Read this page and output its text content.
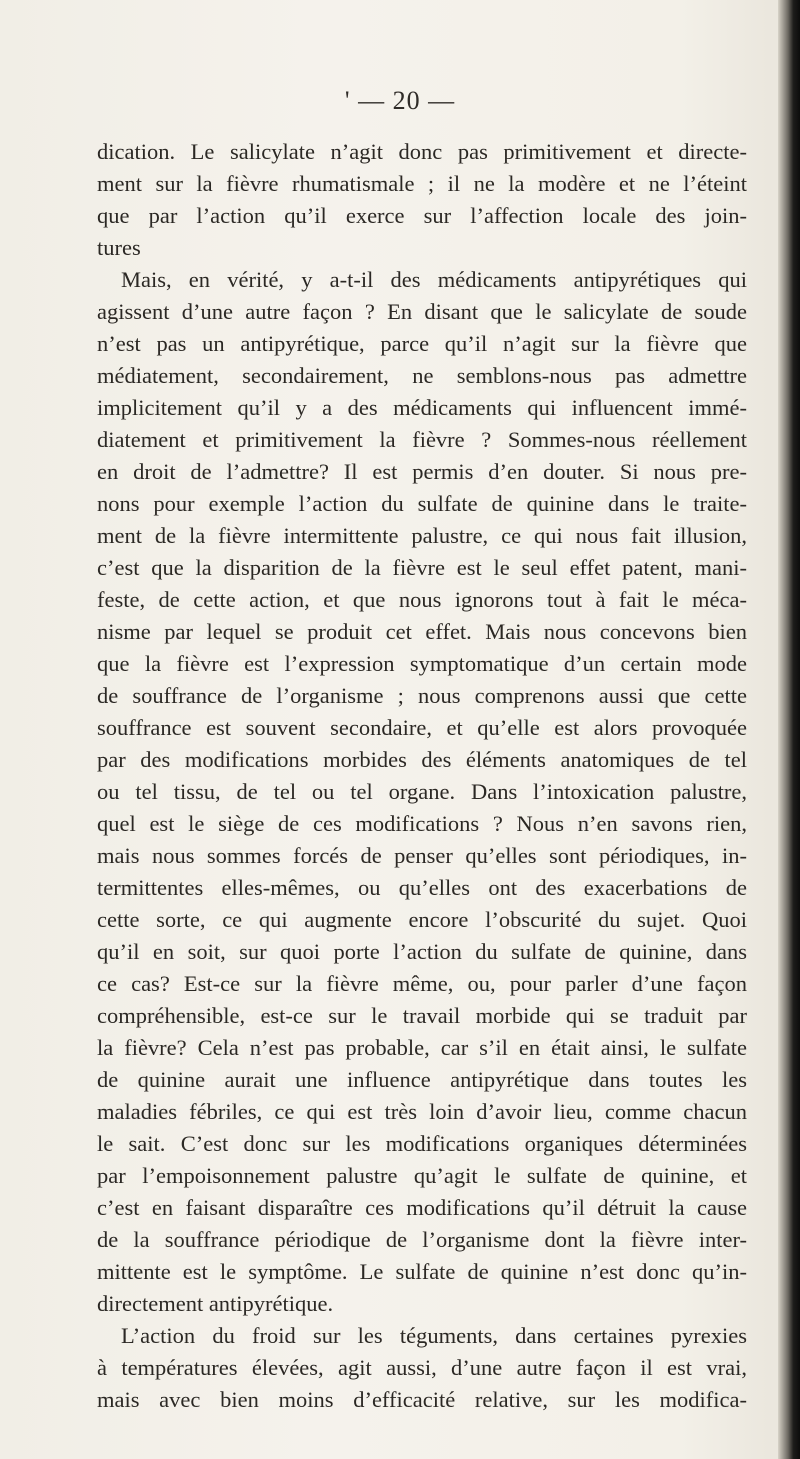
' — 20 —
dication. Le salicylate n’agit donc pas primitivement et directe-
ment sur la fièvre rhumatismale ; il ne la modère et ne l’éteint
que par l’action qu’il exerce sur l’affection locale des join-
tures
Mais, en vérité, y a-t-il des médicaments antipyrétiques qui
agissent d’une autre façon ? En disant que le salicylate de soude
n’est pas un antipyrétique, parce qu’il n’agit sur la fièvre que
médiatement, secondairement, ne semblons-nous pas admettre
implicitement qu’il y a des médicaments qui influencent immé-
diatement et primitivement la fièvre ? Sommes-nous réellement
en droit de l’admettre? Il est permis d’en douter. Si nous pre-
nons pour exemple l’action du sulfate de quinine dans le traite-
ment de la fièvre intermittente palustre, ce qui nous fait illusion,
c’est que la disparition de la fièvre est le seul effet patent, mani-
feste, de cette action, et que nous ignorons tout à fait le méca-
nisme par lequel se produit cet effet. Mais nous concevons bien
que la fièvre est l’expression symptomatique d’un certain mode
de souffrance de l’organisme ; nous comprenons aussi que cette
souffrance est souvent secondaire, et qu’elle est alors provoquée
par des modifications morbides des éléments anatomiques de tel
ou tel tissu, de tel ou tel organe. Dans l’intoxication palustre,
quel est le siège de ces modifications ? Nous n’en savons rien,
mais nous sommes forcés de penser qu’elles sont périodiques, in-
termittentes elles-mêmes, ou qu’elles ont des exacerbations de
cette sorte, ce qui augmente encore l’obscurité du sujet. Quoi
qu’il en soit, sur quoi porte l’action du sulfate de quinine, dans
ce cas? Est-ce sur la fièvre même, ou, pour parler d’une façon
compréhensible, est-ce sur le travail morbide qui se traduit par
la fièvre? Cela n’est pas probable, car s’il en était ainsi, le sulfate
de quinine aurait une influence antipyrétique dans toutes les
maladies fébriles, ce qui est très loin d’avoir lieu, comme chacun
le sait. C’est donc sur les modifications organiques déterminées
par l’empoisonnement palustre qu’agit le sulfate de quinine, et
c’est en faisant disparaître ces modifications qu’il détruit la cause
de la souffrance périodique de l’organisme dont la fièvre inter-
mittente est le symptôme. Le sulfate de quinine n’est donc qu’in-
directement antipyrétique.
L’action du froid sur les téguments, dans certaines pyrexies
à températures élevées, agit aussi, d’une autre façon il est vrai,
mais avec bien moins d’efficacité relative, sur les modifica-
